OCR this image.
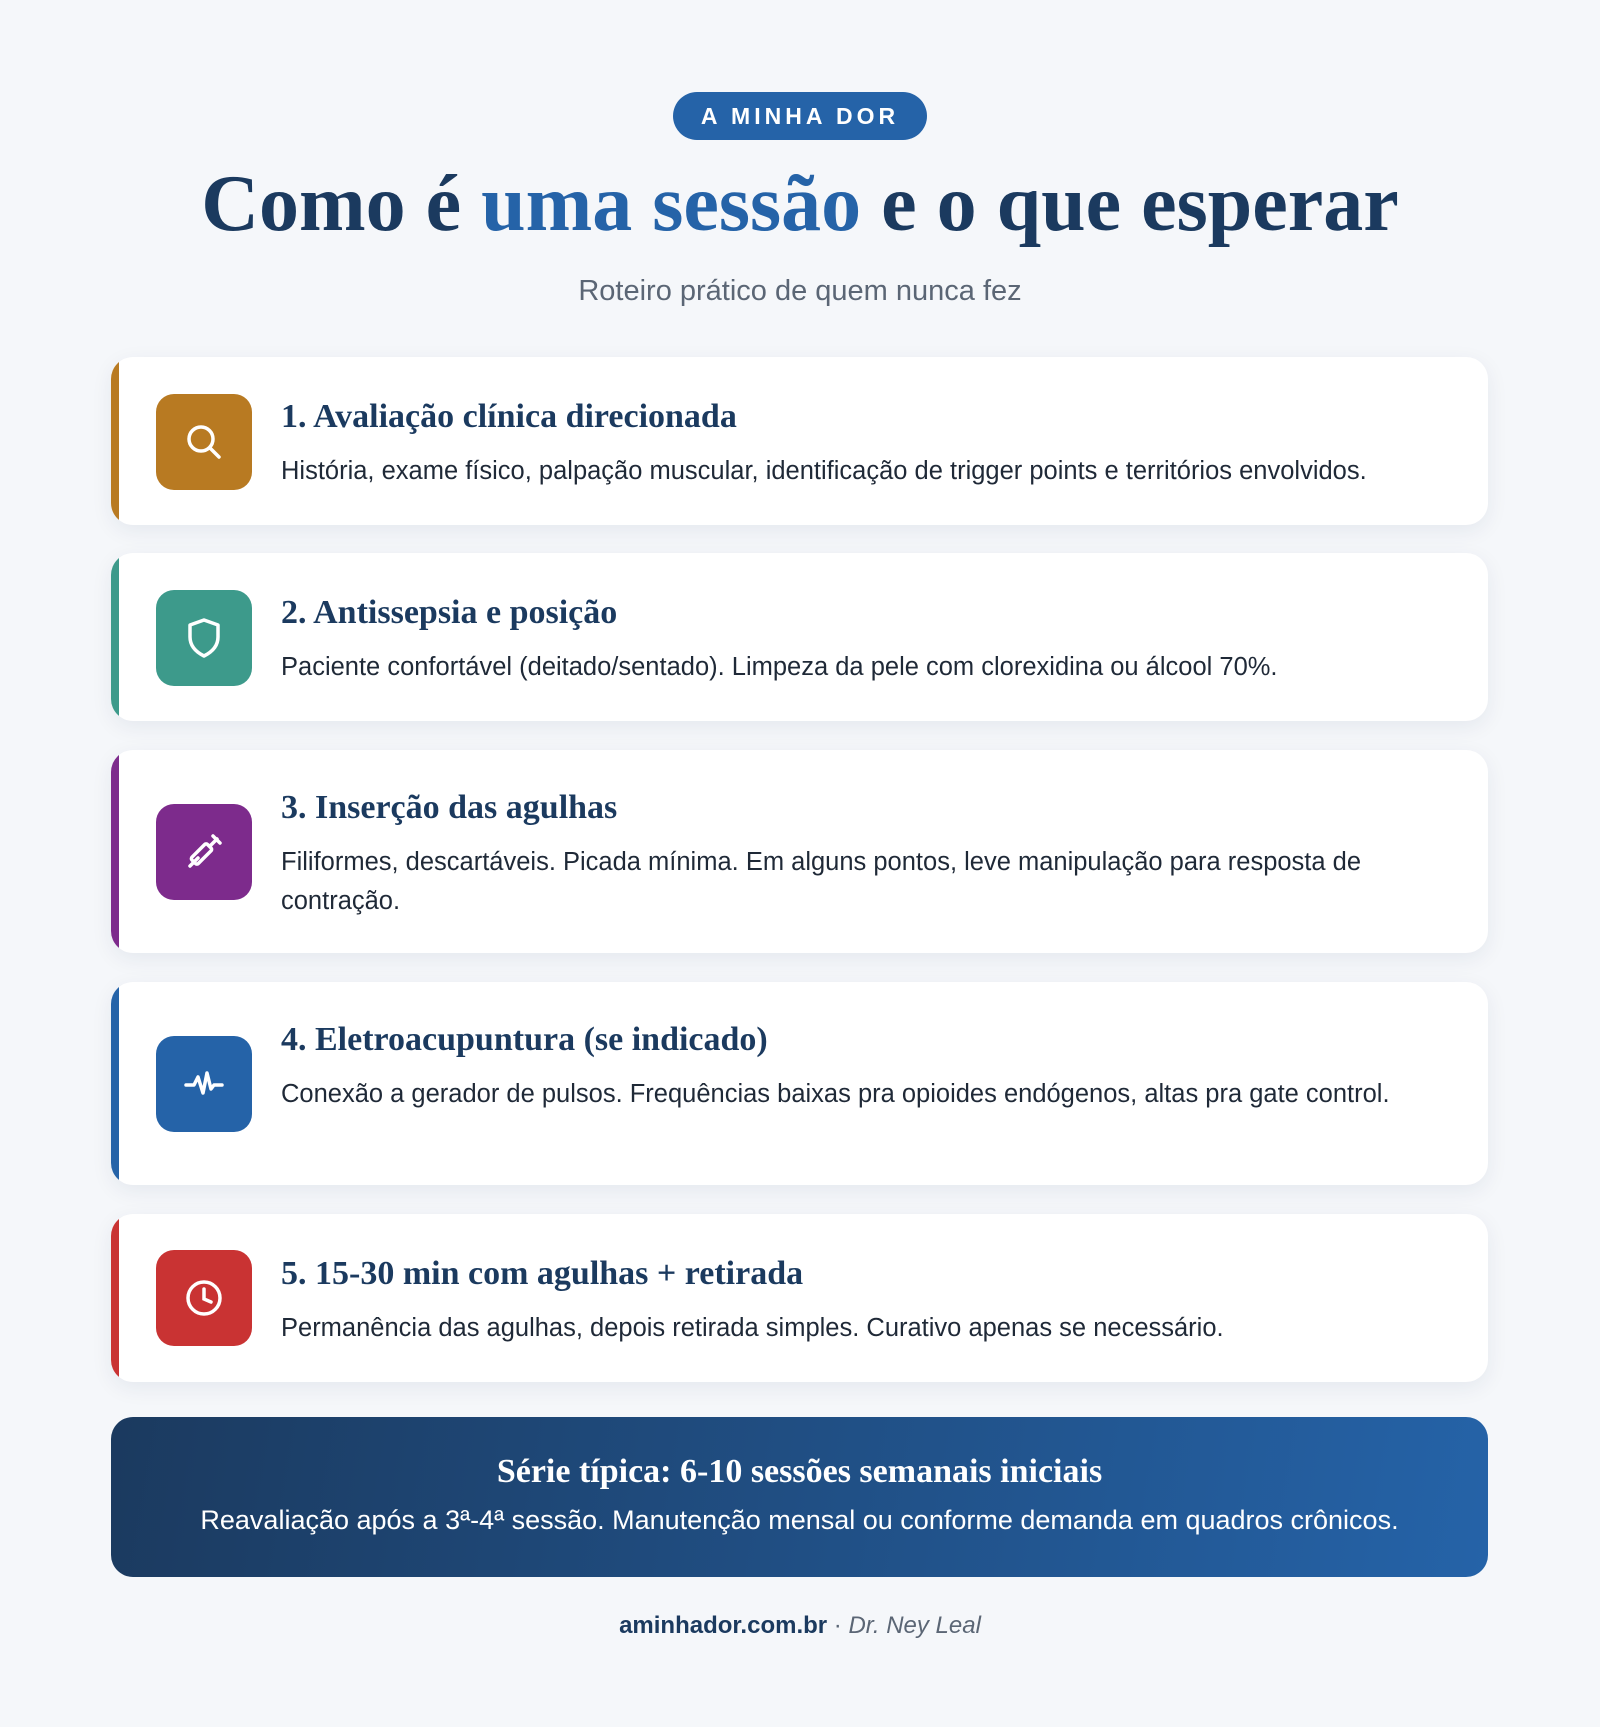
A MINHA DOR
Como é uma sessão e o que esperar
Roteiro prático de quem nunca fez
1. Avaliação clínica direcionada
História, exame físico, palpação muscular, identificação de trigger points e territórios envolvidos.
2. Antissepsia e posição
Paciente confortável (deitado/sentado). Limpeza da pele com clorexidina ou álcool 70%.
3. Inserção das agulhas
Filiformes, descartáveis. Picada mínima. Em alguns pontos, leve manipulação para resposta de contração.
4. Eletroacupuntura (se indicado)
Conexão a gerador de pulsos. Frequências baixas pra opioides endógenos, altas pra gate control.
5. 15-30 min com agulhas + retirada
Permanência das agulhas, depois retirada simples. Curativo apenas se necessário.
Série típica: 6-10 sessões semanais iniciais
Reavaliação após a 3ª-4ª sessão. Manutenção mensal ou conforme demanda em quadros crônicos.
aminhador.com.br · Dr. Ney Leal
